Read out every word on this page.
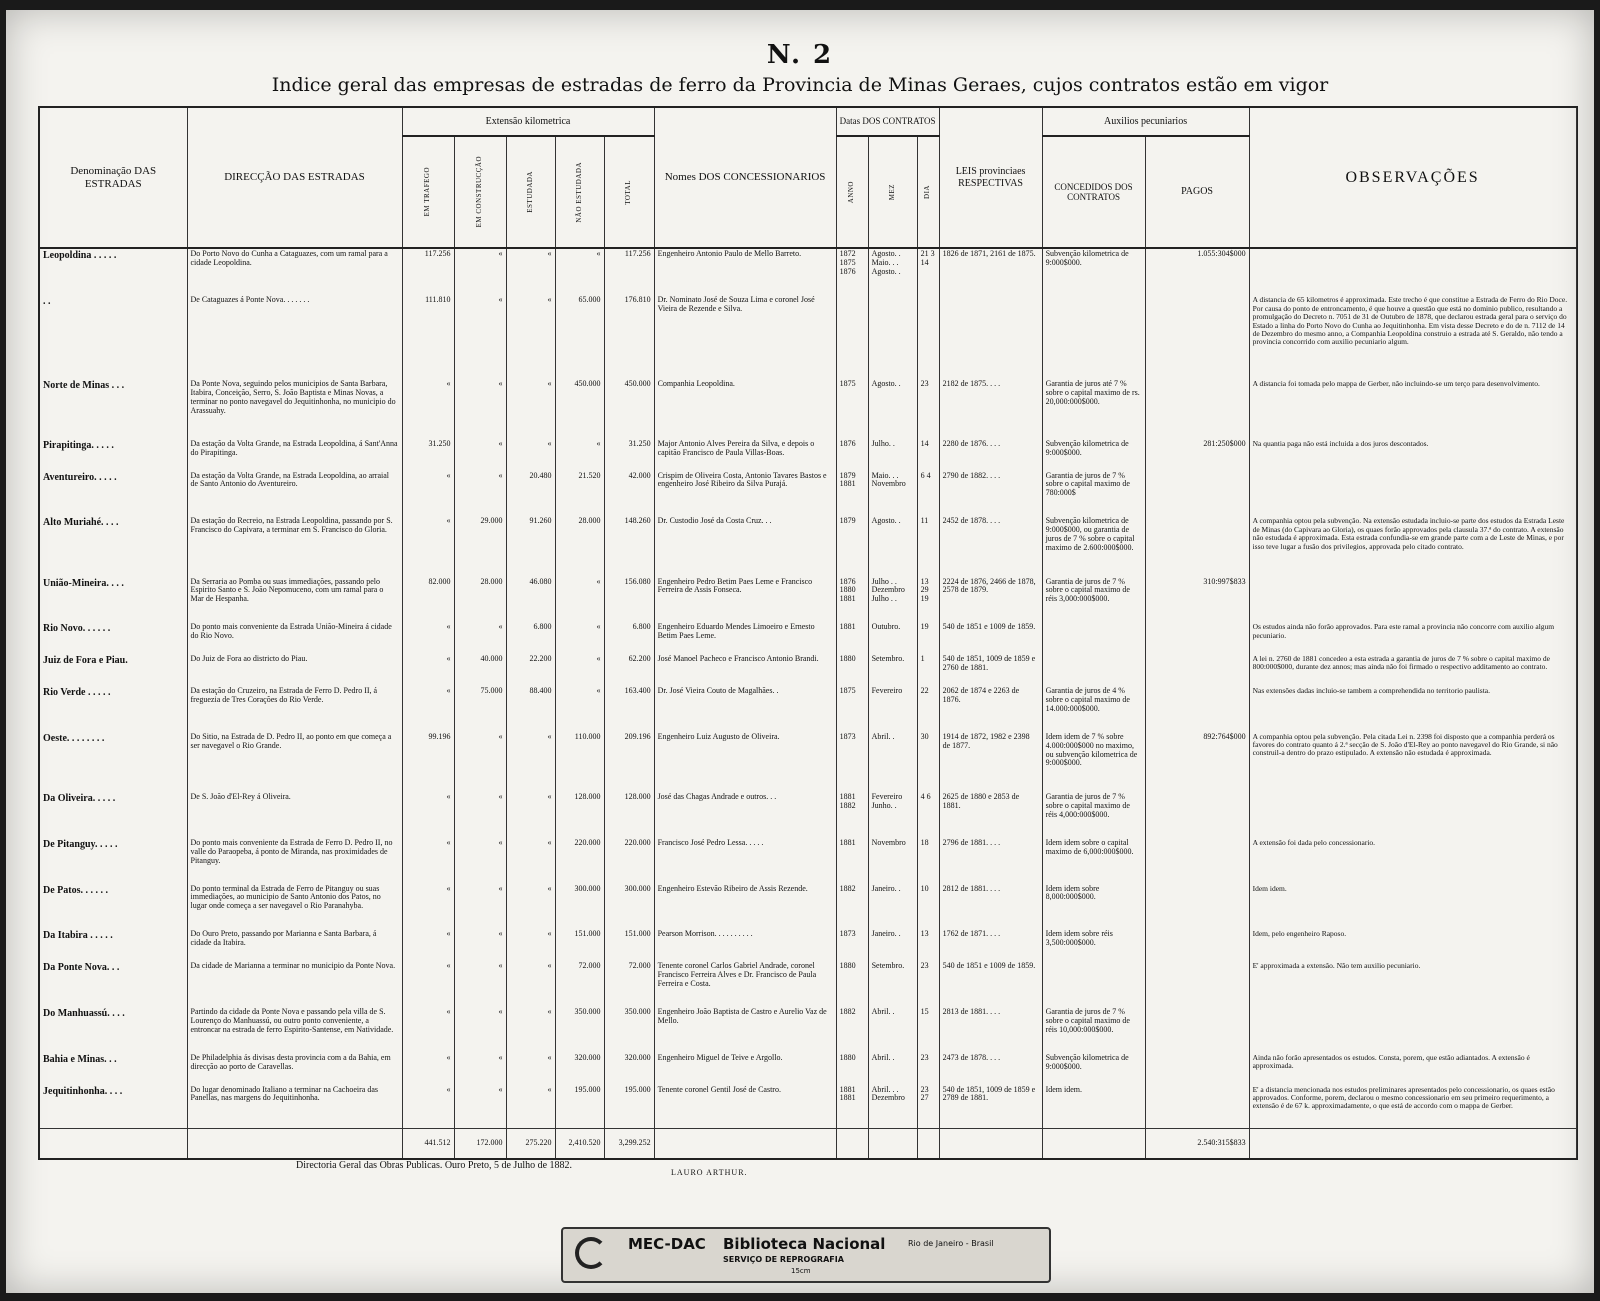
N. 2
Indice geral das empresas de estradas de ferro da Provincia de Minas Geraes, cujos contratos estão em vigor
Denominação DAS ESTRADAS	DIRECÇÃO DAS ESTRADAS	Extensão kilometrica					Nomes DOS CONCESSIONARIOS	Datas DOS CONTRATOS			LEIS provinciaes RESPECTIVAS	Auxilios pecuniarios		OBSERVAÇÕES

		EM TRAFEGO	EM CONSTRUCÇÃO	ESTUDADA	NÃO ESTUDADA	TOTAL		ANNO	MEZ	DIA		CONCEDIDOS DOS CONTRATOS	PAGOS	
Leopoldina . . . . .	Do Porto Novo do Cunha a Cataguazes, com um ramal para a cidade Leopoldina.	117.256	«	«	«	117.256	Engenheiro Antonio Paulo de Mello Barreto.	1872 1875 1876	Agosto. . Maio. . . Agosto. .	21 3 14	1826 de 1871, 2161 de 1875.	Subvenção kilometrica de 9:000$000.	1.055:304$000	
. .	De Cataguazes á Ponte Nova. . . . . . .	111.810	«	«	65.000	176.810	Dr. Nominato José de Souza Lima e coronel José Vieira de Rezende e Silva.							A distancia de 65 kilometros é approximada. Este trecho é que constitue a Estrada de Ferro do Rio Doce. Por causa do ponto de entroncamento, é que houve a questão que está no dominio publico, resultando a promulgação do Decreto n. 7051 de 31 de Outubro de 1878, que declarou estrada geral para o serviço do Estado a linha do Porto Novo do Cunha ao Jequitinhonha. Em vista desse Decreto e do de n. 7112 de 14 de Dezembro do mesmo anno, a Companhia Leopoldina construio a estrada até S. Geraldo, não tendo a provincia concorrido com auxilio pecuniario algum.
Norte de Minas . . .	Da Ponte Nova, seguindo pelos municipios de Santa Barbara, Itabira, Conceição, Serro, S. João Baptista e Minas Novas, a terminar no ponto navegavel do Jequitinhonha, no municipio do Arassuahy.	«	«	«	450.000	450.000	Companhia Leopoldina.	1875	Agosto. .	23	2182 de 1875. . . .	Garantia de juros até 7 % sobre o capital maximo de rs. 20,000:000$000.		A distancia foi tomada pelo mappa de Gerber, não incluindo-se um terço para desenvolvimento.
Pirapitinga. . . . .	Da estação da Volta Grande, na Estrada Leopoldina, á Sant'Anna do Pirapitinga.	31.250	«	«	«	31.250	Major Antonio Alves Pereira da Silva, e depois o capitão Francisco de Paula Villas-Boas.	1876	Julho. .	14	2280 de 1876. . . .	Subvenção kilometrica de 9:000$000.	281:250$000	Na quantia paga não está incluida a dos juros descontados.
Aventureiro. . . . .	Da estação da Volta Grande, na Estrada Leopoldina, ao arraial de Santo Antonio do Aventureiro.	«	«	20.480	21.520	42.000	Crispim de Oliveira Costa, Antonio Tavares Bastos e engenheiro José Ribeiro da Silva Purajá.	1879 1881	Maio. . . Novembro	6 4	2790 de 1882. . . .	Garantia de juros de 7 % sobre o capital maximo de 780:000$		
Alto Muriahé. . . .	Da estação do Recreio, na Estrada Leopoldina, passando por S. Francisco do Capivara, a terminar em S. Francisco do Gloria.	«	29.000	91.260	28.000	148.260	Dr. Custodio José da Costa Cruz. . .	1879	Agosto. .	11	2452 de 1878. . . .	Subvenção kilometrica de 9:000$000, ou garantia de juros de 7 % sobre o capital maximo de 2.600:000$000.		A companhia optou pela subvenção. Na extensão estudada incluio-se parte dos estudos da Estrada Leste de Minas (do Capivara ao Gloria), os quaes forão approvados pela clausula 37.ª do contrato. A extensão não estudada é approximada. Esta estrada confundia-se em grande parte com a de Leste de Minas, e por isso teve lugar a fusão dos privilegios, approvada pelo citado contrato.
União-Mineira. . . .	Da Serraria ao Pomba ou suas immediações, passando pelo Espirito Santo e S. João Nepomuceno, com um ramal para o Mar de Hespanha.	82.000	28.000	46.080	«	156.080	Engenheiro Pedro Betim Paes Leme e Francisco Ferreira de Assis Fonseca.	1876 1880 1881	Julho . . Dezembro Julho . .	13 29 19	2224 de 1876, 2466 de 1878, 2578 de 1879.	Garantia de juros de 7 % sobre o capital maximo de réis 3,000:000$000.	310:997$833	
Rio Novo. . . . . .	Do ponto mais conveniente da Estrada União-Mineira á cidade do Rio Novo.	«	«	6.800	«	6.800	Engenheiro Eduardo Mendes Limoeiro e Ernesto Betim Paes Leme.	1881	Outubro.	19	540 de 1851 e 1009 de 1859.			Os estudos ainda não forão approvados. Para este ramal a provincia não concorre com auxilio algum pecuniario.
Juiz de Fora e Piau.	Do Juiz de Fora ao districto do Piau.	«	40.000	22.200	«	62.200	José Manoel Pacheco e Francisco Antonio Brandi.	1880	Setembro.	1	540 de 1851, 1009 de 1859 e 2760 de 1881.			A lei n. 2760 de 1881 concedeo a esta estrada a garantia de juros de 7 % sobre o capital maximo de 800:000$000, durante dez annos; mas ainda não foi firmado o respectivo additamento ao contrato.
Rio Verde . . . . .	Da estação do Cruzeiro, na Estrada de Ferro D. Pedro II, á freguezia de Tres Corações do Rio Verde.	«	75.000	88.400	«	163.400	Dr. José Vieira Couto de Magalhães. .	1875	Fevereiro	22	2062 de 1874 e 2263 de 1876.	Garantia de juros de 4 % sobre o capital maximo de 14.000:000$000.		Nas extensões dadas incluio-se tambem a comprehendida no territorio paulista.
Oeste. . . . . . . .	Do Sitio, na Estrada de D. Pedro II, ao ponto em que começa a ser navegavel o Rio Grande.	99.196	«	«	110.000	209.196	Engenheiro Luiz Augusto de Oliveira.	1873	Abril. .	30	1914 de 1872, 1982 e 2398 de 1877.	Idem idem de 7 % sobre 4.000:000$000 no maximo, ou subvenção kilometrica de 9:000$000.	892:764$000	A companhia optou pela subvenção. Pela citada Lei n. 2398 foi disposto que a companhia perderá os favores do contrato quanto á 2.ª secção de S. João d'El-Rey ao ponto navegavel do Rio Grande, si não construil-a dentro do prazo estipulado. A extensão não estudada é approximada.
Da Oliveira. . . . .	De S. João d'El-Rey á Oliveira.	«	«	«	128.000	128.000	José das Chagas Andrade e outros. . .	1881 1882	Fevereiro Junho. .	4 6	2625 de 1880 e 2853 de 1881.	Garantia de juros de 7 % sobre o capital maximo de réis 4,000:000$000.		
De Pitanguy. . . . .	Do ponto mais conveniente da Estrada de Ferro D. Pedro II, no valle do Paraopeba, á ponto de Miranda, nas proximidades de Pitanguy.	«	«	«	220.000	220.000	Francisco José Pedro Lessa. . . . .	1881	Novembro	18	2796 de 1881. . . .	Idem idem sobre o capital maximo de 6,000:000$000.		A extensão foi dada pelo concessionario.
De Patos. . . . . .	Do ponto terminal da Estrada de Ferro de Pitanguy ou suas immediações, ao municipio de Santo Antonio dos Patos, no lugar onde começa a ser navegavel o Rio Paranahyba.	«	«	«	300.000	300.000	Engenheiro Estevão Ribeiro de Assis Rezende.	1882	Janeiro. .	10	2812 de 1881. . . .	Idem idem sobre 8,000:000$000.		Idem idem.
Da Itabira . . . . .	Do Ouro Preto, passando por Marianna e Santa Barbara, á cidade da Itabira.	«	«	«	151.000	151.000	Pearson Morrison. . . . . . . . . .	1873	Janeiro. .	13	1762 de 1871. . . .	Idem idem sobre réis 3,500:000$000.		Idem, pelo engenheiro Raposo.
Da Ponte Nova. . .	Da cidade de Marianna a terminar no municipio da Ponte Nova.	«	«	«	72.000	72.000	Tenente coronel Carlos Gabriel Andrade, coronel Francisco Ferreira Alves e Dr. Francisco de Paula Ferreira e Costa.	1880	Setembro.	23	540 de 1851 e 1009 de 1859.			E' approximada a extensão. Não tem auxilio pecuniario.
Do Manhuassú. . . .	Partindo da cidade da Ponte Nova e passando pela villa de S. Lourenço do Manhuassú, ou outro ponto conveniente, a entroncar na estrada de ferro Espirito-Santense, em Natividade.	«	«	«	350.000	350.000	Engenheiro João Baptista de Castro e Aurelio Vaz de Mello.	1882	Abril. .	15	2813 de 1881. . . .	Garantia de juros de 7 % sobre o capital maximo de réis 10,000:000$000.		
Bahia e Minas. . .	De Philadelphia ás divisas desta provincia com a da Bahia, em direcção ao porto de Caravellas.	«	«	«	320.000	320.000	Engenheiro Miguel de Teive e Argollo.	1880	Abril. .	23	2473 de 1878. . . .	Subvenção kilometrica de 9:000$000.		Ainda não forão apresentados os estudos. Consta, porem, que estão adiantados. A extensão é approximada.
Jequitinhonha. . . .	Do lugar denominado Italiano a terminar na Cachoeira das Panellas, nas margens do Jequitinhonha.	«	«	«	195.000	195.000	Tenente coronel Gentil José de Castro.	1881 1881	Abril. . . Dezembro	23 27	540 de 1851, 1009 de 1859 e 2789 de 1881.	Idem idem.		E' a distancia mencionada nos estudos preliminares apresentados pelo concessionario, os quaes estão approvados. Conforme, porem, declarou o mesmo concessionario em seu primeiro requerimento, a extensão é de 67 k. approximadamente, o que está de accordo com o mappa de Gerber.
		441.512	172.000	275.220	2,410.520	3,299.252							2.540:315$833	
Directoria Geral das Obras Publicas. Ouro Preto, 5 de Julho de 1882.
LAURO ARTHUR.
MEC-DAC Biblioteca Nacional	Rio de Janeiro - Brasil
SERVIÇO DE REPROGRAFIA
15cm
